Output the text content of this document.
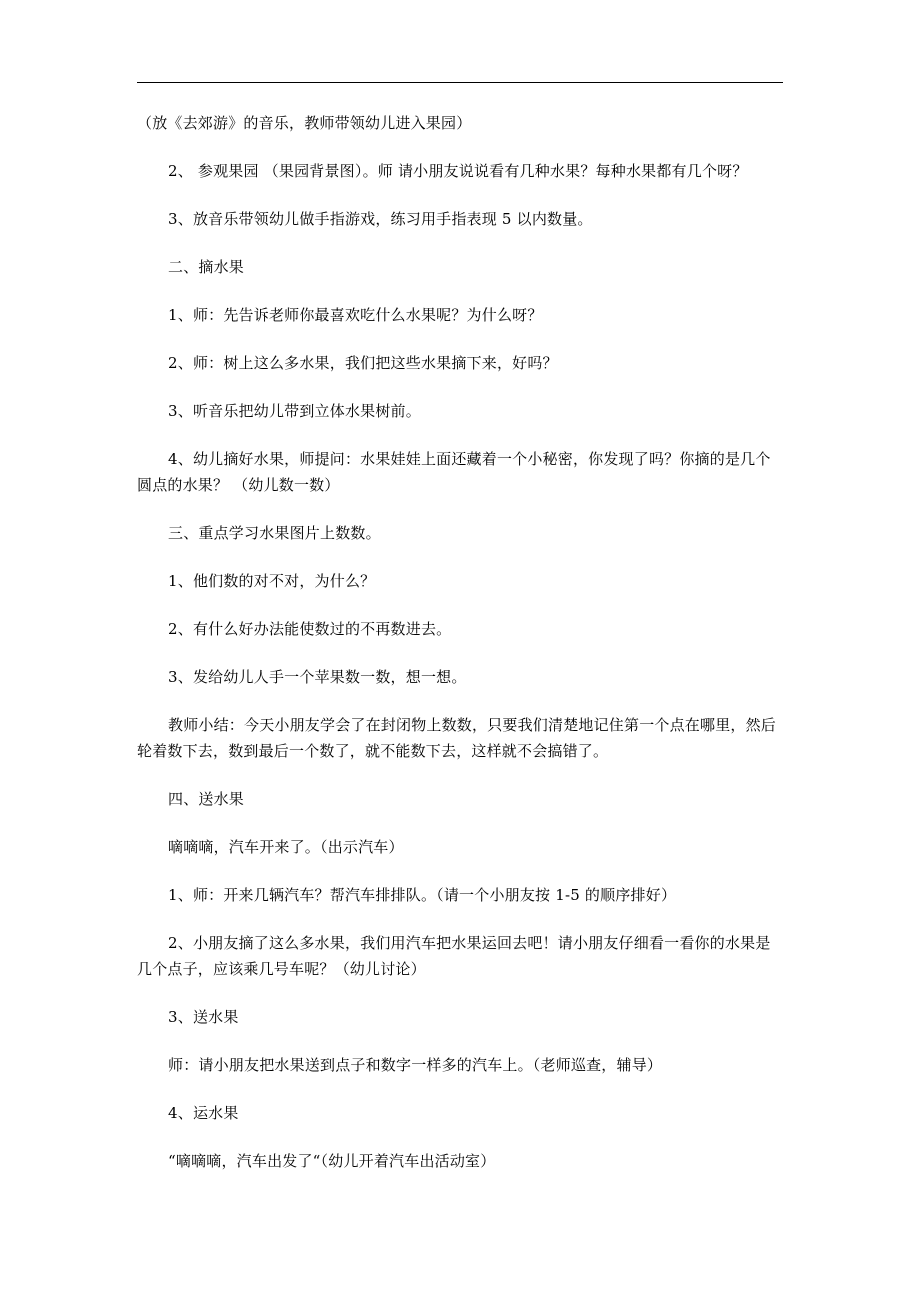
（放《去郊游》的音乐，教师带领幼儿进入果园）

2、 参观果园 （果园背景图）。师 请小朋友说说看有几种水果？每种水果都有几个呀？

3、放音乐带领幼儿做手指游戏，练习用手指表现 5 以内数量。

二、摘水果

1、师：先告诉老师你最喜欢吃什么水果呢？为什么呀？

2、师：树上这么多水果，我们把这些水果摘下来，好吗？

3、听音乐把幼儿带到立体水果树前。

4、幼儿摘好水果，师提问：水果娃娃上面还藏着一个小秘密，你发现了吗？你摘的是几个圆点的水果？ （幼儿数一数）

三、重点学习水果图片上数数。

1、他们数的对不对，为什么？

2、有什么好办法能使数过的不再数进去。

3、发给幼儿人手一个苹果数一数，想一想。

教师小结：今天小朋友学会了在封闭物上数数，只要我们清楚地记住第一个点在哪里，然后轮着数下去，数到最后一个数了，就不能数下去，这样就不会搞错了。

四、送水果

嘀嘀嘀，汽车开来了。（出示汽车）

1、师：开来几辆汽车？帮汽车排排队。（请一个小朋友按 1-5 的顺序排好）

2、小朋友摘了这么多水果，我们用汽车把水果运回去吧！请小朋友仔细看一看你的水果是几个点子，应该乘几号车呢？（幼儿讨论）

3、送水果

师：请小朋友把水果送到点子和数字一样多的汽车上。（老师巡查，辅导）

4、运水果

“嘀嘀嘀，汽车出发了“（幼儿开着汽车出活动室）
